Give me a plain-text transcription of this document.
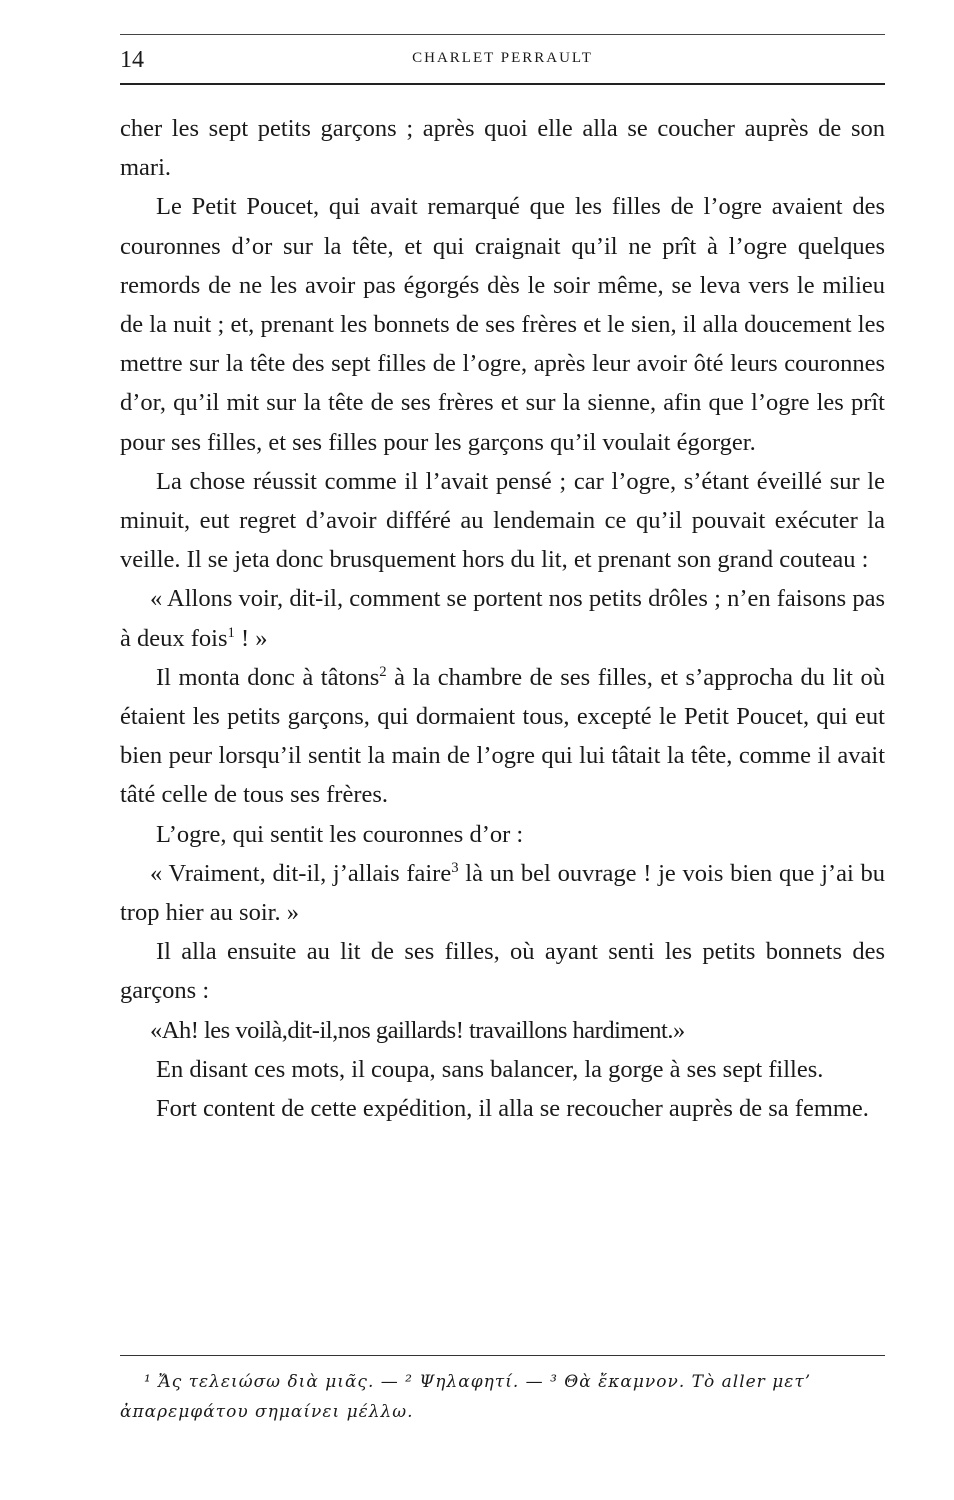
14	CHARLET PERRAULT

cher les sept petits garçons ; après quoi elle alla se coucher auprès de son mari.

Le Petit Poucet, qui avait remarqué que les filles de l’ogre avaient des couronnes d’or sur la tête, et qui craignait qu’il ne prît à l’ogre quelques remords de ne les avoir pas égorgés dès le soir même, se leva vers le milieu de la nuit ; et, prenant les bonnets de ses frères et le sien, il alla doucement les mettre sur la tête des sept filles de l’ogre, après leur avoir ôté leurs couronnes d’or, qu’il mit sur la tête de ses frères et sur la sienne, afin que l’ogre les prît pour ses filles, et ses filles pour les garçons qu’il voulait égorger.

La chose réussit comme il l’avait pensé ; car l’ogre, s’étant éveillé sur le minuit, eut regret d’avoir différé au lendemain ce qu’il pouvait exécuter la veille. Il se jeta donc brusquement hors du lit, et prenant son grand couteau :

« Allons voir, dit-il, comment se portent nos petits drôles ; n’en faisons pas à deux fois$^1$ ! »

Il monta donc à tâtons$^2$ à la chambre de ses filles, et s’approcha du lit où étaient les petits garçons, qui dormaient tous, excepté le Petit Poucet, qui eut bien peur lorsqu’il sentit la main de l’ogre qui lui tâtait la tête, comme il avait tâté celle de tous ses frères.

L’ogre, qui sentit les couronnes d’or :

« Vraiment, dit-il, j’allais faire$^3$ là un bel ouvrage ! je vois bien que j’ai bu trop hier au soir. »

Il alla ensuite au lit de ses filles, où ayant senti les petits bonnets des garçons :

«Ah! les voilà,dit-il,nos gaillards! travaillons hardiment.»

En disant ces mots, il coupa, sans balancer, la gorge à ses sept filles.

Fort content de cette expédition, il alla se recoucher auprès de sa femme.

¹ Ἄς τελειώσω διὰ μιᾶς. — ² Ψηλαφητί. — ³ Θὰ ἔκαμνον. Τὸ aller μετ’ ἀπαρεμφάτου σημαίνει μέλλω.
